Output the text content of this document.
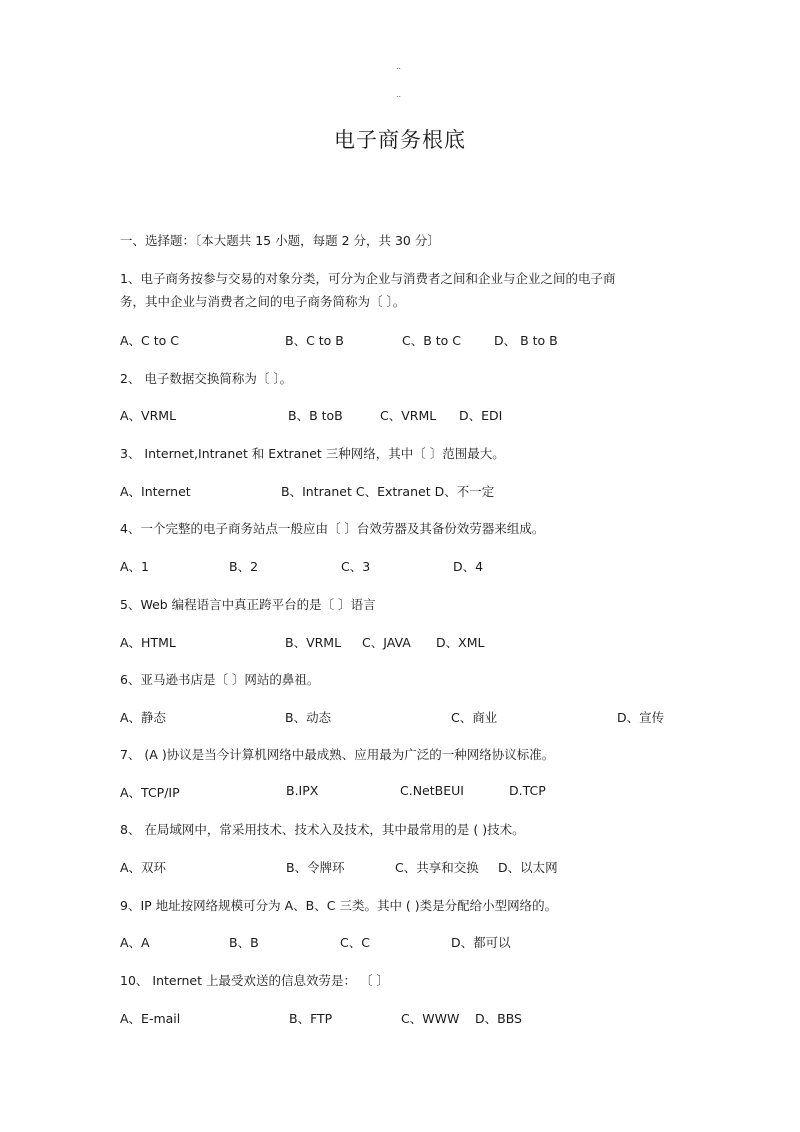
..
..
电子商务根底
一、选择题：〔本大题共 15 小题，每题 2 分，共 30 分〕
1、电子商务按参与交易的对象分类，可分为企业与消费者之间和企业与企业之间的电子商
务，其中企业与消费者之间的电子商务简称为〔 〕。
A、C to C	B、C to B	C、B to C	D、 B to B
2、 电子数据交换简称为〔 〕。
A、VRML	B、B toB	C、VRML D、EDI
3、 Internet,Intranet 和 Extranet 三种网络，其中〔 〕范围最大。
A、Internet	B、Intranet C、Extranet D、不一定
4、一个完整的电子商务站点一般应由〔 〕台效劳器及其备份效劳器来组成。
A、1	B、2	C、3	D、4
5、Web 编程语言中真正跨平台的是〔 〕语言
A、HTML	B、VRML C、JAVA D、XML
6、亚马逊书店是〔 〕网站的鼻祖。
A、静态	B、动态	C、商业	D、宣传
7、 (A )协议是当今计算机网络中最成熟、应用最为广泛的一种网络协议标准。
A、TCP/IP	B.IPX	C.NetBEUI	D.TCP
8、 在局域网中，常采用技术、技术入及技术，其中最常用的是 ( )技术。
A、双环	B、令牌环	C、共享和交换 D、以太网
9、IP 地址按网络规模可分为 A、B、C 三类。其中 ( )类是分配给小型网络的。
A、A	B、B	C、C	D、都可以
10、 Internet 上最受欢送的信息效劳是： 〔 〕
A、E-mail	B、FTP	C、WWW D、BBS
